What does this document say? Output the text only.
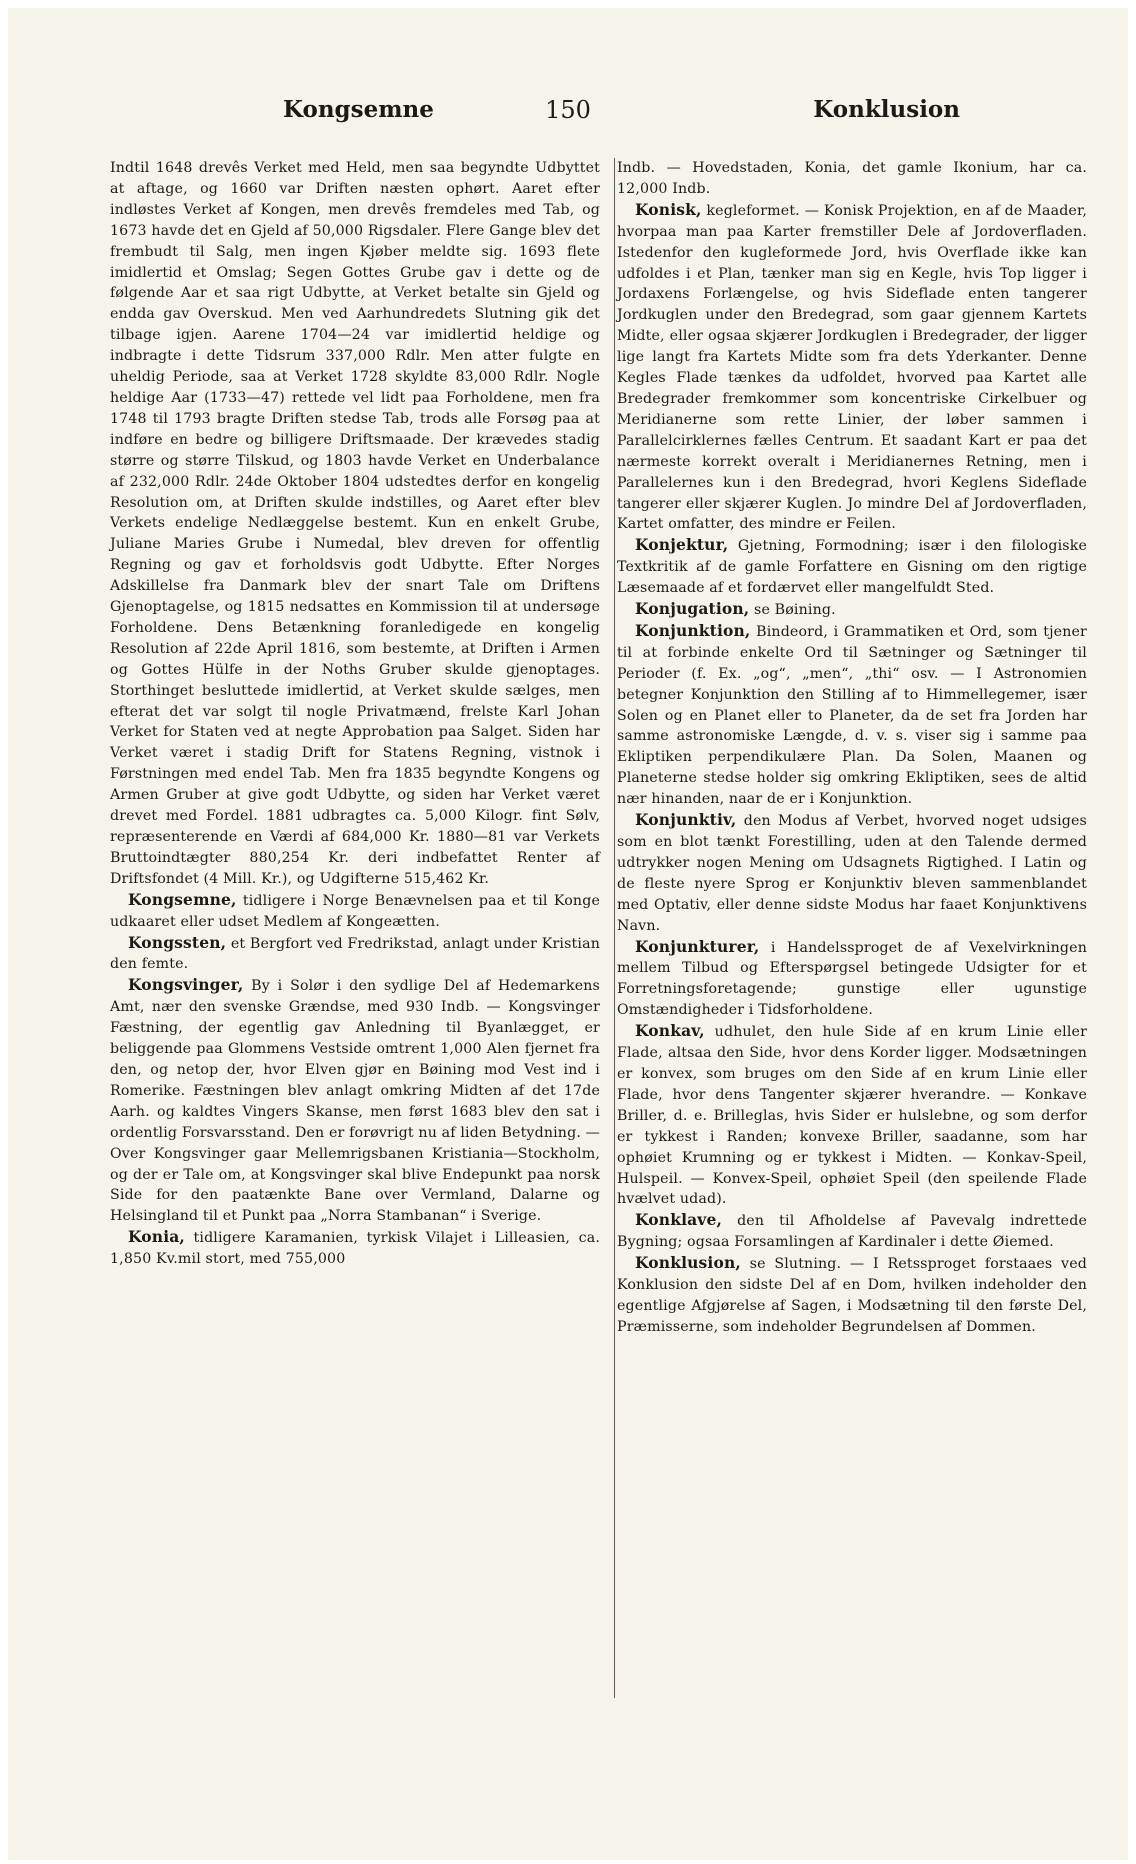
Kongsemne	150	Konklusion

Indtil 1648 drevês Verket med Held, men saa begyndte Udbyttet at aftage, og 1660 var Driften næsten ophørt. Aaret efter indløstes Verket af Kongen, men drevês fremdeles med Tab, og 1673 havde det en Gjeld af 50,000 Rigsdaler. Flere Gange blev det frembudt til Salg, men ingen Kjøber meldte sig. 1693 flete imidlertid et Omslag; Segen Gottes Grube gav i dette og de følgende Aar et saa rigt Udbytte, at Verket betalte sin Gjeld og endda gav Overskud. Men ved Aarhundredets Slutning gik det tilbage igjen. Aarene 1704—24 var imidlertid heldige og indbragte i dette Tidsrum 337,000 Rdlr. Men atter fulgte en uheldig Periode, saa at Verket 1728 skyldte 83,000 Rdlr. Nogle heldige Aar (1733—47) rettede vel lidt paa Forholdene, men fra 1748 til 1793 bragte Driften stedse Tab, trods alle Forsøg paa at indføre en bedre og billigere Driftsmaade. Der krævedes stadig større og større Tilskud, og 1803 havde Verket en Underbalance af 232,000 Rdlr. 24de Oktober 1804 udstedtes derfor en kongelig Resolution om, at Driften skulde indstilles, og Aaret efter blev Verkets endelige Nedlæggelse bestemt. Kun en enkelt Grube, Juliane Maries Grube i Numedal, blev dreven for offentlig Regning og gav et forholdsvis godt Udbytte. Efter Norges Adskillelse fra Danmark blev der snart Tale om Driftens Gjenoptagelse, og 1815 nedsattes en Kommission til at undersøge Forholdene. Dens Betænkning foranledigede en kongelig Resolution af 22de April 1816, som bestemte, at Driften i Armen og Gottes Hülfe in der Noths Gruber skulde gjenoptages. Storthinget besluttede imidlertid, at Verket skulde sælges, men efterat det var solgt til nogle Privatmænd, frelste Karl Johan Verket for Staten ved at negte Approbation paa Salget. Siden har Verket været i stadig Drift for Statens Regning, vistnok i Førstningen med endel Tab. Men fra 1835 begyndte Kongens og Armen Gruber at give godt Udbytte, og siden har Verket været drevet med Fordel. 1881 udbragtes ca. 5,000 Kilogr. fint Sølv, repræsenterende en Værdi af 684,000 Kr. 1880—81 var Verkets Bruttoindtægter 880,254 Kr. deri indbefattet Renter af Driftsfondet (4 Mill. Kr.), og Udgifterne 515,462 Kr.

Kongsemne, tidligere i Norge Benævnelsen paa et til Konge udkaaret eller udset Medlem af Kongeætten.

Kongssten, et Bergfort ved Fredrikstad, anlagt under Kristian den femte.

Kongsvinger, By i Solør i den sydlige Del af Hedemarkens Amt, nær den svenske Grændse, med 930 Indb. — Kongsvinger Fæstning, der egentlig gav Anledning til Byanlægget, er beliggende paa Glommens Vestside omtrent 1,000 Alen fjernet fra den, og netop der, hvor Elven gjør en Bøining mod Vest ind i Romerike. Fæstningen blev anlagt omkring Midten af det 17de Aarh. og kaldtes Vingers Skanse, men først 1683 blev den sat i ordentlig Forsvarsstand. Den er forøvrigt nu af liden Betydning. — Over Kongsvinger gaar Mellemrigsbanen Kristiania—Stockholm, og der er Tale om, at Kongsvinger skal blive Endepunkt paa norsk Side for den paatænkte Bane over Vermland, Dalarne og Helsingland til et Punkt paa „Norra Stambanan“ i Sverige.

Konia, tidligere Karamanien, tyrkisk Vilajet i Lilleasien, ca. 1,850 Kv.mil stort, med 755,000

Indb. — Hovedstaden, Konia, det gamle Ikonium, har ca. 12,000 Indb.

Konisk, kegleformet. — Konisk Projektion, en af de Maader, hvorpaa man paa Karter fremstiller Dele af Jordoverfladen. Istedenfor den kugleformede Jord, hvis Overflade ikke kan udfoldes i et Plan, tænker man sig en Kegle, hvis Top ligger i Jordaxens Forlængelse, og hvis Sideflade enten tangerer Jordkuglen under den Bredegrad, som gaar gjennem Kartets Midte, eller ogsaa skjærer Jordkuglen i Bredegrader, der ligger lige langt fra Kartets Midte som fra dets Yderkanter. Denne Kegles Flade tænkes da udfoldet, hvorved paa Kartet alle Bredegrader fremkommer som koncentriske Cirkelbuer og Meridianerne som rette Linier, der løber sammen i Parallelcirklernes fælles Centrum. Et saadant Kart er paa det nærmeste korrekt overalt i Meridianernes Retning, men i Parallelernes kun i den Bredegrad, hvori Keglens Sideflade tangerer eller skjærer Kuglen. Jo mindre Del af Jordoverfladen, Kartet omfatter, des mindre er Feilen.

Konjektur, Gjetning, Formodning; især i den filologiske Textkritik af de gamle Forfattere en Gisning om den rigtige Læsemaade af et fordærvet eller mangelfuldt Sted.

Konjugation, se Bøining.

Konjunktion, Bindeord, i Grammatiken et Ord, som tjener til at forbinde enkelte Ord til Sætninger og Sætninger til Perioder (f. Ex. „og“, „men“, „thi“ osv. — I Astronomien betegner Konjunktion den Stilling af to Himmellegemer, især Solen og en Planet eller to Planeter, da de set fra Jorden har samme astronomiske Længde, d. v. s. viser sig i samme paa Ekliptiken perpendikulære Plan. Da Solen, Maanen og Planeterne stedse holder sig omkring Ekliptiken, sees de altid nær hinanden, naar de er i Konjunktion.

Konjunktiv, den Modus af Verbet, hvorved noget udsiges som en blot tænkt Forestilling, uden at den Talende dermed udtrykker nogen Mening om Udsagnets Rigtighed. I Latin og de fleste nyere Sprog er Konjunktiv bleven sammenblandet med Optativ, eller denne sidste Modus har faaet Konjunktivens Navn.

Konjunkturer, i Handelssproget de af Vexelvirkningen mellem Tilbud og Efterspørgsel betingede Udsigter for et Forretningsforetagende; gunstige eller ugunstige Omstændigheder i Tidsforholdene.

Konkav, udhulet, den hule Side af en krum Linie eller Flade, altsaa den Side, hvor dens Korder ligger. Modsætningen er konvex, som bruges om den Side af en krum Linie eller Flade, hvor dens Tangenter skjærer hverandre. — Konkave Briller, d. e. Brilleglas, hvis Sider er hulslebne, og som derfor er tykkest i Randen; konvexe Briller, saadanne, som har ophøiet Krumning og er tykkest i Midten. — Konkav-Speil, Hulspeil. — Konvex-Speil, ophøiet Speil (den speilende Flade hvælvet udad).

Konklave, den til Afholdelse af Pavevalg indrettede Bygning; ogsaa Forsamlingen af Kardinaler i dette Øiemed.

Konklusion, se Slutning. — I Retssproget forstaaes ved Konklusion den sidste Del af en Dom, hvilken indeholder den egentlige Afgjørelse af Sagen, i Modsætning til den første Del, Præmisserne, som indeholder Begrundelsen af Dommen.
